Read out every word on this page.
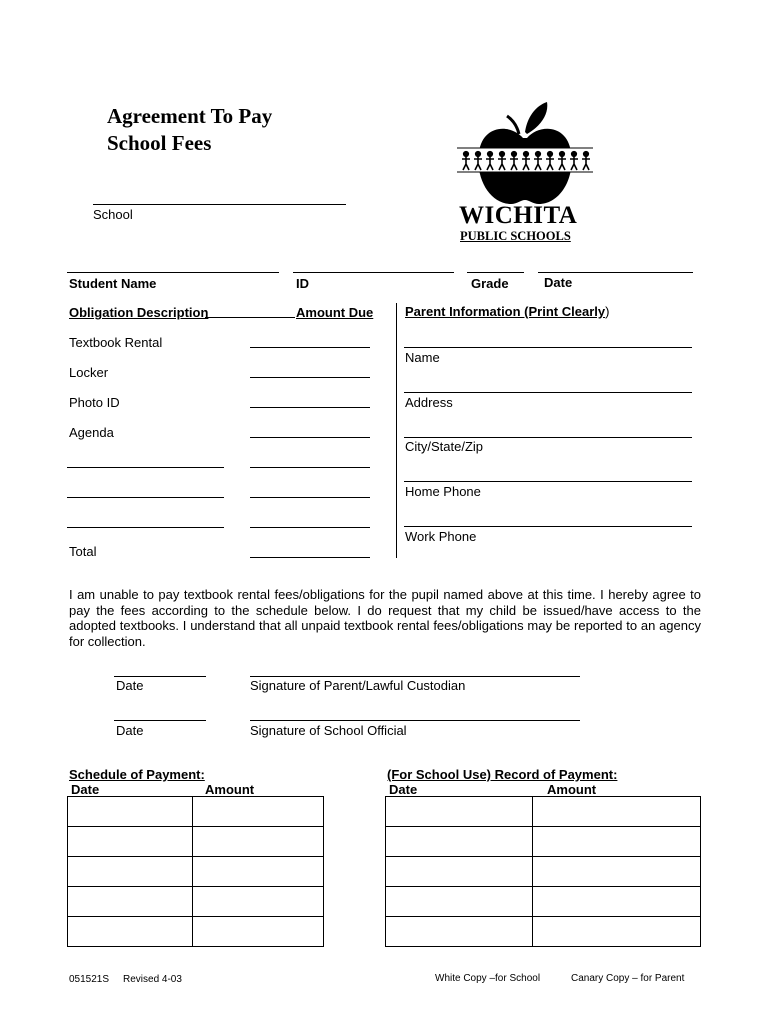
Agreement To Pay
School Fees
School	WICHITA
PUBLIC SCHOOLS
Student Name	ID	Grade	Date
Obligation Description	Amount Due
Textbook Rental
Locker
Photo ID
Agenda
Total
Parent Information (Print Clearly)
Name
Address
City/State/Zip
Home Phone
Work Phone
I am unable to pay textbook rental fees/obligations for the pupil named above at this time. I hereby agree to pay the fees according to the schedule below. I do request that my child be issued/have access to the adopted textbooks. I understand that all unpaid textbook rental fees/obligations may be reported to an agency for collection.
Date	Signature of Parent/Lawful Custodian
Date	Signature of School Official
Schedule of Payment:
Date	Amount

(For School Use) Record of Payment:
Date	Amount

051521S Revised 4-03	White Copy –for School	Canary Copy – for Parent
